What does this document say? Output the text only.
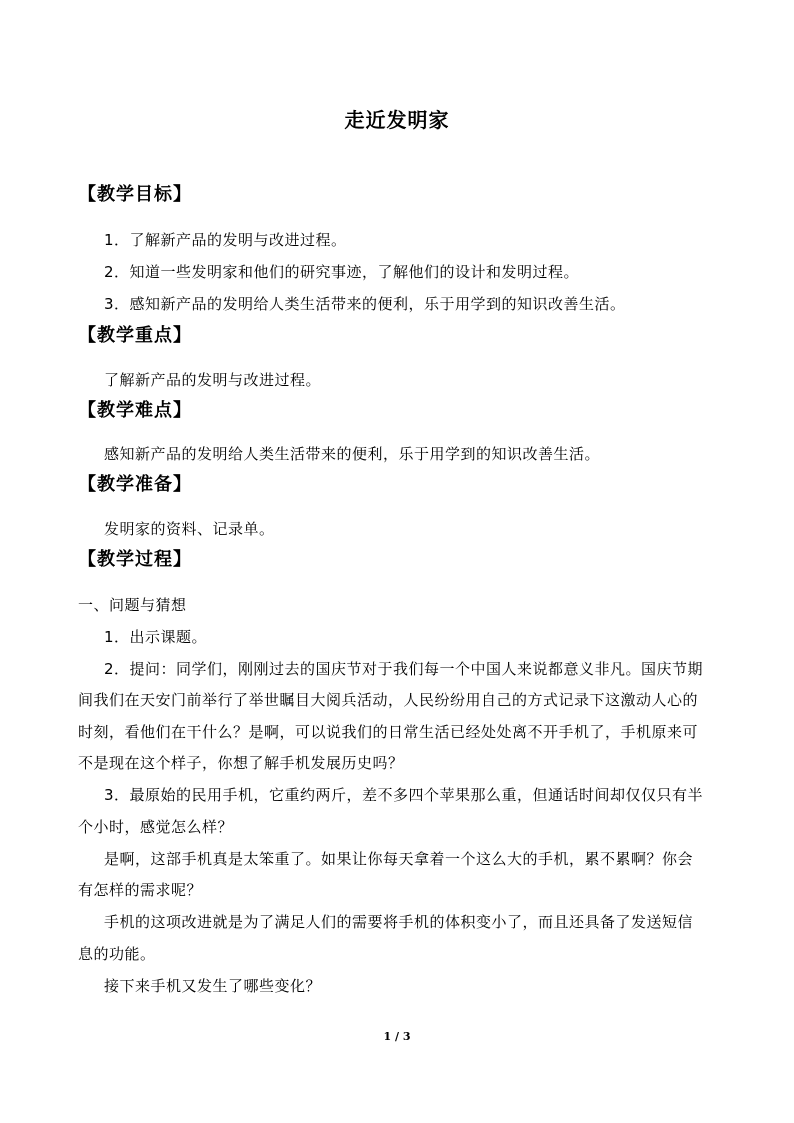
走近发明家
【教学目标】
1．了解新产品的发明与改进过程。
2．知道一些发明家和他们的研究事迹，了解他们的设计和发明过程。
3．感知新产品的发明给人类生活带来的便利，乐于用学到的知识改善生活。
【教学重点】
了解新产品的发明与改进过程。
【教学难点】
感知新产品的发明给人类生活带来的便利，乐于用学到的知识改善生活。
【教学准备】
发明家的资料、记录单。
【教学过程】
一、问题与猜想
1．出示课题。
2．提问：同学们，刚刚过去的国庆节对于我们每一个中国人来说都意义非凡。国庆节期
间我们在天安门前举行了举世瞩目大阅兵活动，人民纷纷用自己的方式记录下这激动人心的
时刻，看他们在干什么？是啊，可以说我们的日常生活已经处处离不开手机了，手机原来可
不是现在这个样子，你想了解手机发展历史吗？
3．最原始的民用手机，它重约两斤，差不多四个苹果那么重，但通话时间却仅仅只有半
个小时，感觉怎么样？
是啊，这部手机真是太笨重了。如果让你每天拿着一个这么大的手机，累不累啊？你会
有怎样的需求呢？
手机的这项改进就是为了满足人们的需要将手机的体积变小了，而且还具备了发送短信
息的功能。
接下来手机又发生了哪些变化？
1 / 3
